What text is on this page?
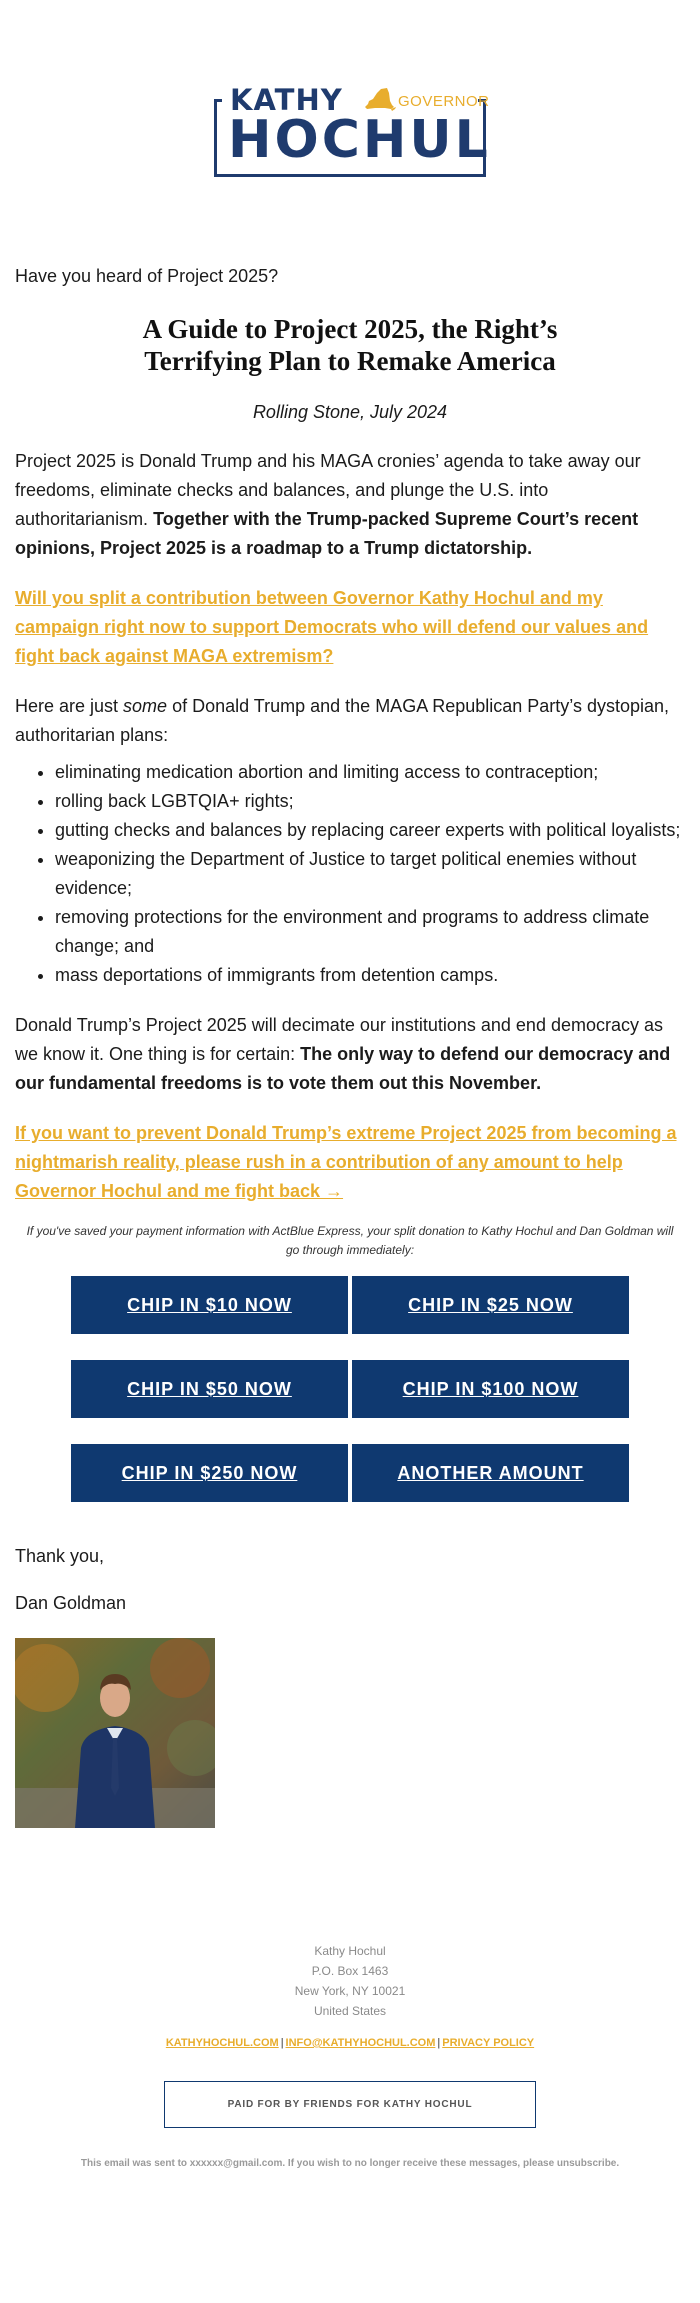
KATHY	GOVERNOR
HOCHUL

Have you heard of Project 2025?

A Guide to Project 2025, the Right’s Terrifying Plan to Remake America

Rolling Stone, July 2024

Project 2025 is Donald Trump and his MAGA cronies’ agenda to take away our freedoms, eliminate checks and balances, and plunge the U.S. into authoritarianism. Together with the Trump-packed Supreme Court’s recent opinions, Project 2025 is a roadmap to a Trump dictatorship.

Will you split a contribution between Governor Kathy Hochul and my campaign right now to support Democrats who will defend our values and fight back against MAGA extremism?

Here are just some of Donald Trump and the MAGA Republican Party’s dystopian, authoritarian plans:

• eliminating medication abortion and limiting access to contraception;
• rolling back LGBTQIA+ rights;
• gutting checks and balances by replacing career experts with political loyalists;
• weaponizing the Department of Justice to target political enemies without evidence;
• removing protections for the environment and programs to address climate change; and
• mass deportations of immigrants from detention camps.

Donald Trump’s Project 2025 will decimate our institutions and end democracy as we know it. One thing is for certain: The only way to defend our democracy and our fundamental freedoms is to vote them out this November.

If you want to prevent Donald Trump’s extreme Project 2025 from becoming a nightmarish reality, please rush in a contribution of any amount to help Governor Hochul and me fight back →

If you've saved your payment information with ActBlue Express, your split donation to Kathy Hochul and Dan Goldman will go through immediately:

CHIP IN $10 NOW	CHIP IN $25 NOW
CHIP IN $50 NOW	CHIP IN $100 NOW
CHIP IN $250 NOW	ANOTHER AMOUNT

Thank you,

Dan Goldman

Kathy Hochul

P.O. Box 1463

New York, NY 10021

United States

KATHYHOCHUL.COM | INFO@KATHYHOCHUL.COM | PRIVACY POLICY

PAID FOR BY FRIENDS FOR KATHY HOCHUL

This email was sent to xxxxxx@gmail.com. If you wish to no longer receive these messages, please unsubscribe.
